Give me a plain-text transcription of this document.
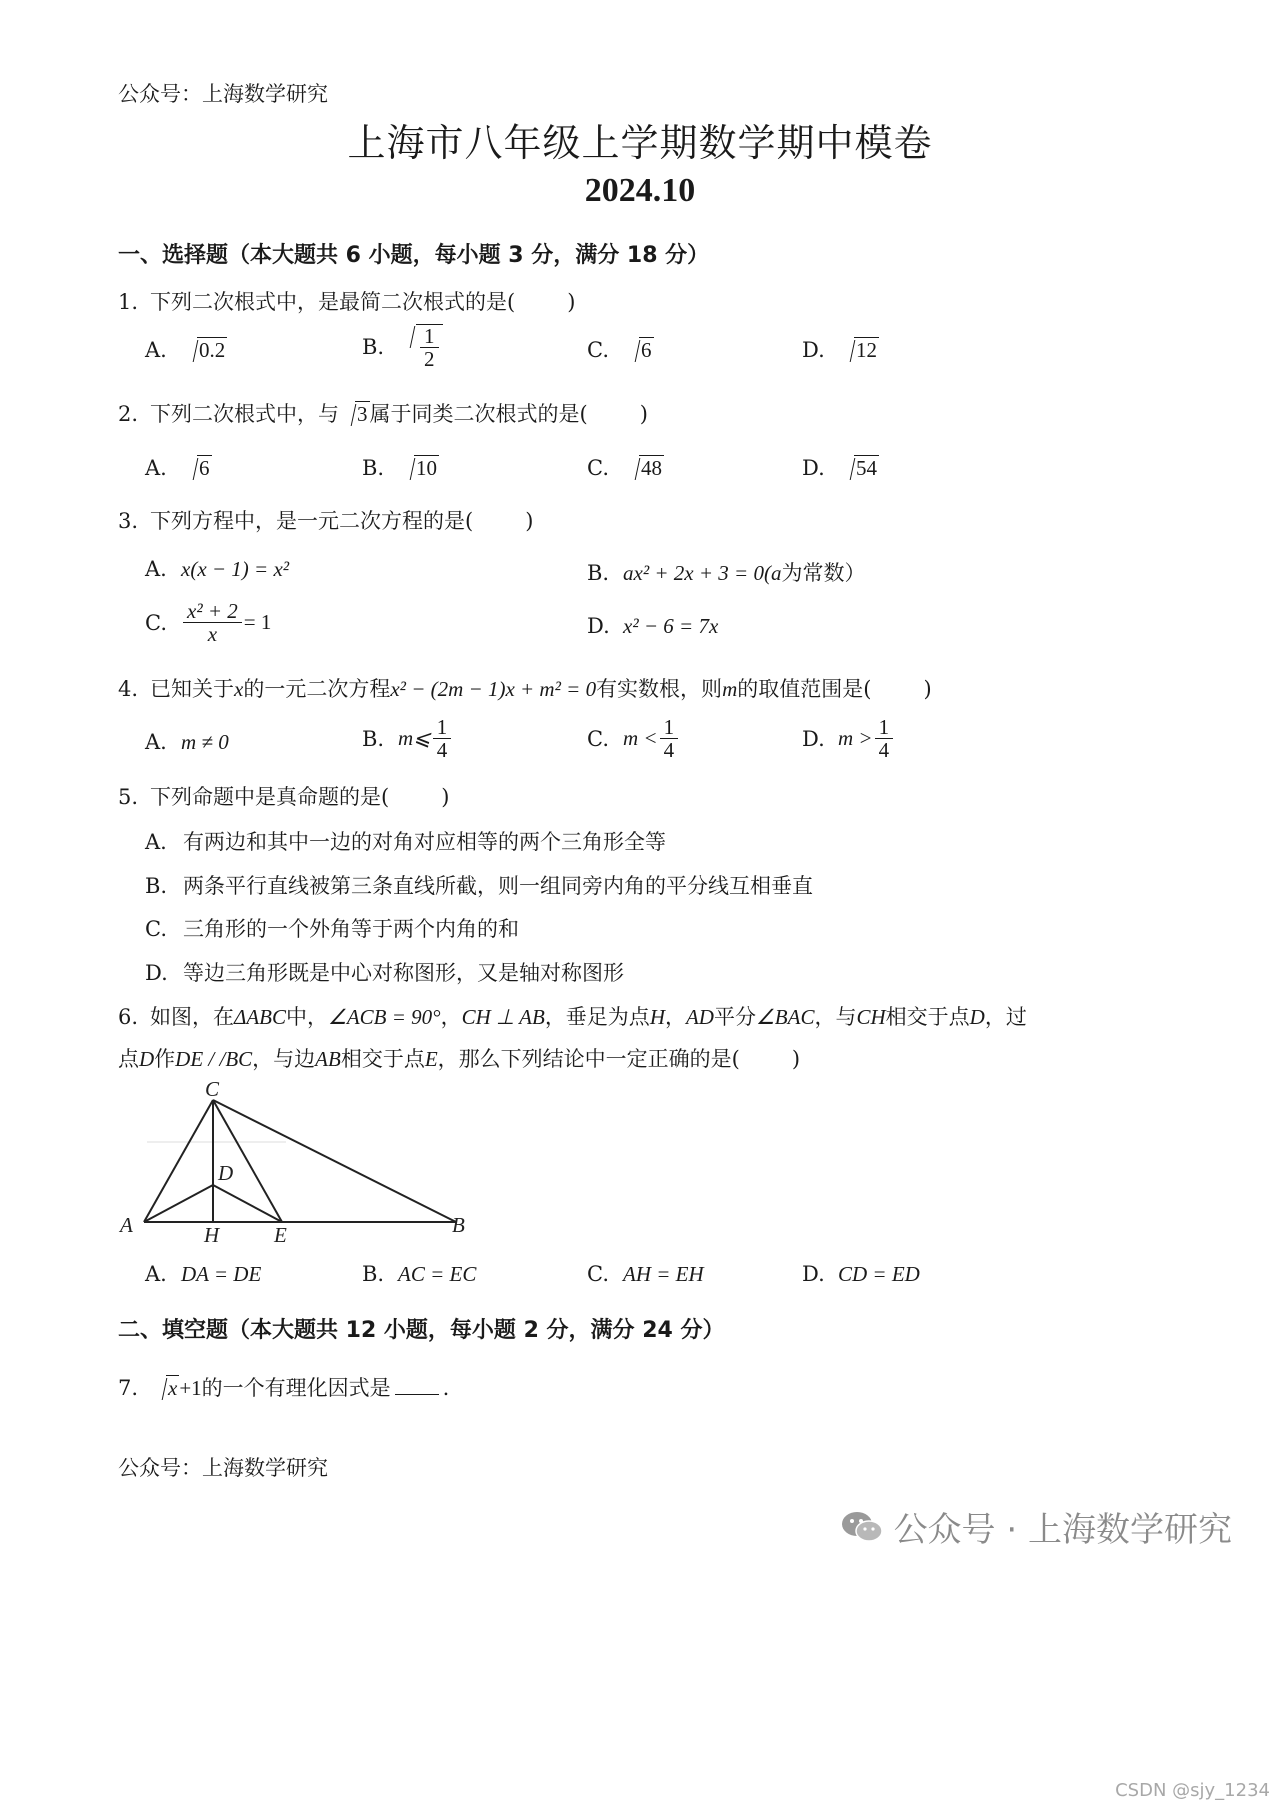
公众号：上海数学研究
上海市八年级上学期数学期中模卷
2024.10
一、选择题（本大题共 6 小题，每小题 3 分，满分 18 分）
1. 下列二次根式中，是最简二次根式的是( )
A. 0.2	B. $\frac{1}{2}$	C. 6	D. 12
2. 下列二次根式中，与 3属于同类二次根式的是( )
A. 6	B. 10	C. 48	D. 54
3. 下列方程中，是一元二次方程的是( )
A. x(x − 1) = x²	B. ax² + 2x + 3 = 0(a为常数）
C. $\frac{\text{x² + 2}}{x} = 1$	D. x² − 6 = 7x
4. 已知关于x的一元二次方程x² − (2m − 1)x + m² = 0有实数根，则m的取值范围是( )
A. m ≠ 0	B. m⩽ $\frac{1}{4}$	C. $m < \frac{1}{4}$	D. $m > \frac{1}{4}$
5. 下列命题中是真命题的是( )
A. 有两边和其中一边的对角对应相等的两个三角形全等
B. 两条平行直线被第三条直线所截，则一组同旁内角的平分线互相垂直
C. 三角形的一个外角等于两个内角的和
D. 等边三角形既是中心对称图形，又是轴对称图形
6. 如图，在ΔABC中，∠ACB = 90°，CH ⊥ AB，垂足为点H，AD平分∠BAC，与CH相交于点D，过
点D作DE / /BC，与边AB相交于点E，那么下列结论中一定正确的是( )
C
D
A	H	E	B
A. DA = DE	B. AC = EC	C. AH = EH	D. CD = ED
二、填空题（本大题共 12 小题，每小题 2 分，满分 24 分）
7. x+1的一个有理化因式是 .
公众号：上海数学研究
公众号 · 上海数学研究
CSDN @sjy_1234
